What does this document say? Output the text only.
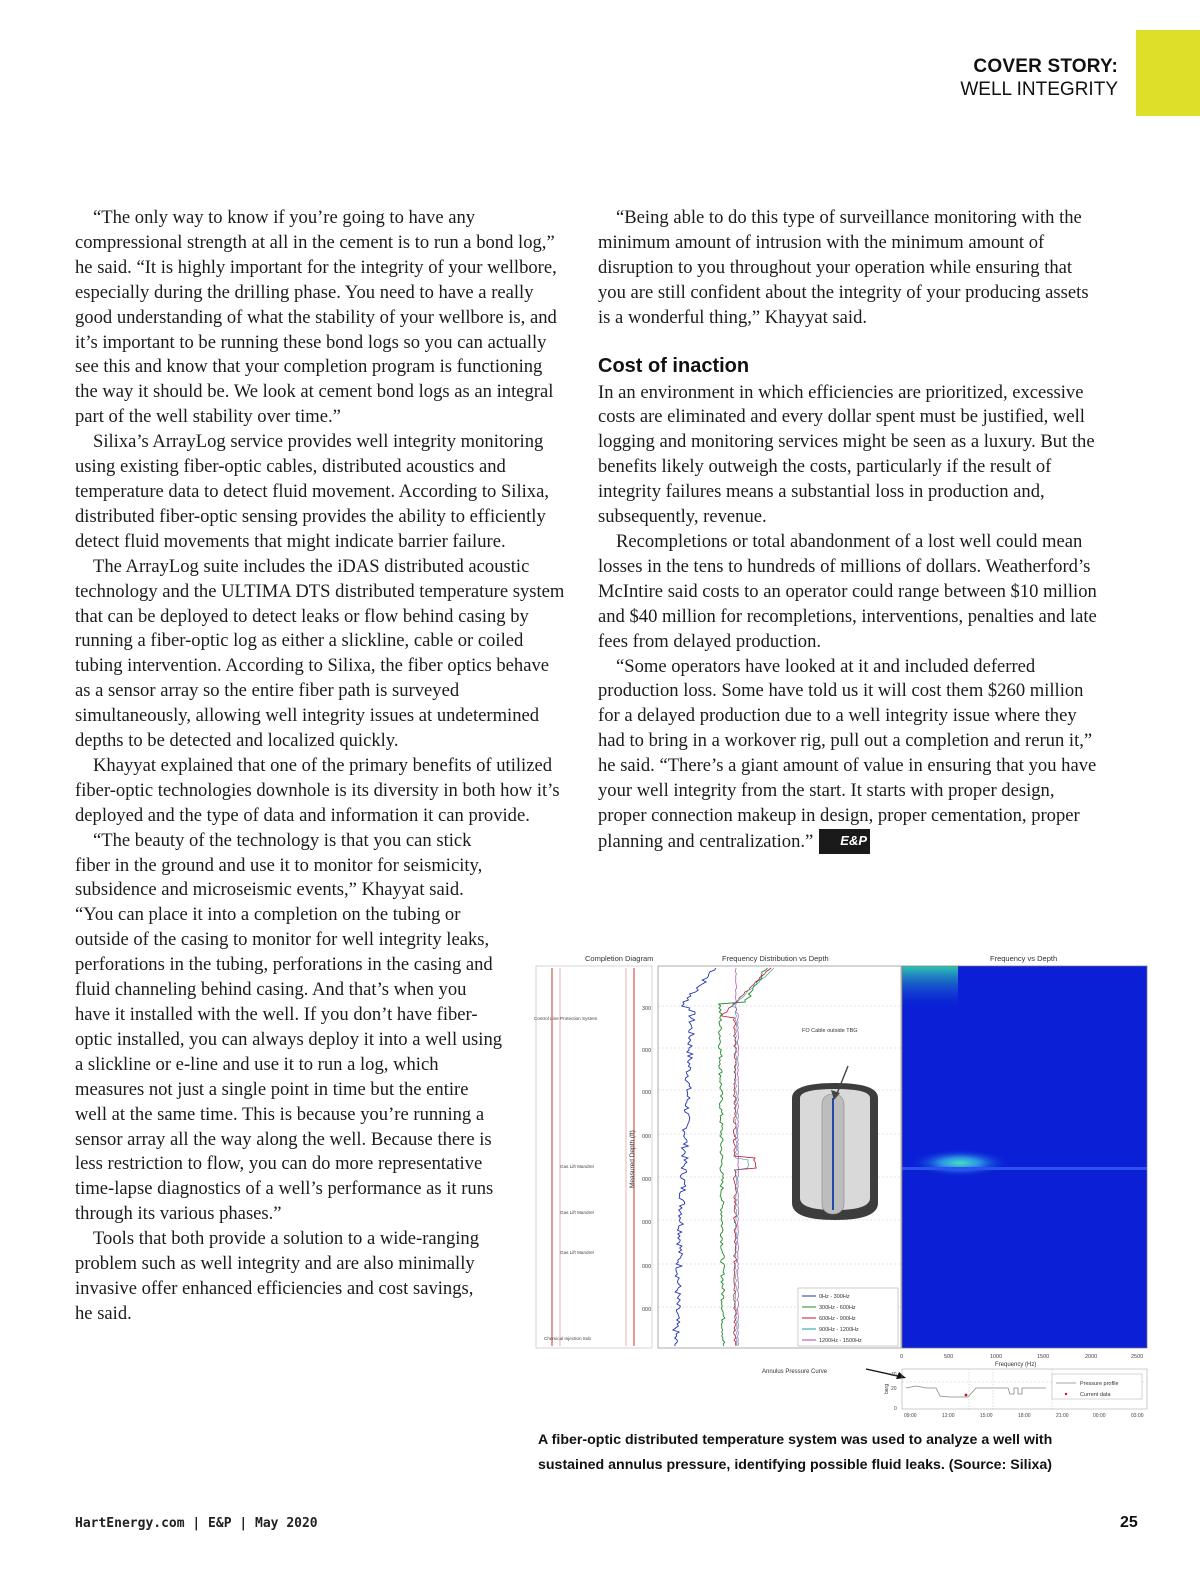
COVER STORY:
WELL INTEGRITY

“The only way to know if you’re going to have any compressional strength at all in the cement is to run a bond log,” he said. “It is highly important for the integrity of your wellbore, especially during the drilling phase. You need to have a really good understanding of what the stability of your wellbore is, and it’s important to be running these bond logs so you can actually see this and know that your completion program is functioning the way it should be. We look at cement bond logs as an integral part of the well stability over time.”

Silixa’s ArrayLog service provides well integrity monitoring using existing fiber-optic cables, distributed acoustics and temperature data to detect fluid movement. According to Silixa, distributed fiber-optic sensing provides the ability to efficiently detect fluid movements that might indicate barrier failure.

The ArrayLog suite includes the iDAS distributed acoustic technology and the ULTIMA DTS distributed temperature system that can be deployed to detect leaks or flow behind casing by running a fiber-optic log as either a slickline, cable or coiled tubing intervention. According to Silixa, the fiber optics behave as a sensor array so the entire fiber path is surveyed simultaneously, allowing well integrity issues at undetermined depths to be detected and localized quickly.

Khayyat explained that one of the primary benefits of utilized fiber-optic technologies downhole is its diversity in both how it’s deployed and the type of data and information it can provide.

“The beauty of the technology is that you can stick fiber in the ground and use it to monitor for seismicity, subsidence and microseismic events,” Khayyat said. “You can place it into a completion on the tubing or outside of the casing to monitor for well integrity leaks, perforations in the tubing, perforations in the casing and fluid channeling behind casing. And that’s when you have it installed with the well. If you don’t have fiber-optic installed, you can always deploy it into a well using a slickline or e-line and use it to run a log, which measures not just a single point in time but the entire well at the same time. This is because you’re running a sensor array all the way along the well. Because there is less restriction to flow, you can do more representative time-lapse diagnostics of a well’s performance as it runs through its various phases.”

Tools that both provide a solution to a wide-ranging problem such as well integrity and are also minimally invasive offer enhanced efficiencies and cost savings, he said.

“Being able to do this type of surveillance monitoring with the minimum amount of intrusion with the minimum amount of disruption to you throughout your operation while ensuring that you are still confident about the integrity of your producing assets is a wonderful thing,” Khayyat said.

Cost of inaction

In an environment in which efficiencies are prioritized, excessive costs are eliminated and every dollar spent must be justified, well logging and monitoring services might be seen as a luxury. But the benefits likely outweigh the costs, particularly if the result of integrity failures means a substantial loss in production and, subsequently, revenue.

Recompletions or total abandonment of a lost well could mean losses in the tens to hundreds of millions of dollars. Weatherford’s McIntire said costs to an operator could range between $10 million and $40 million for recompletions, interventions, penalties and late fees from delayed production.

“Some operators have looked at it and included deferred production loss. Some have told us it will cost them $260 million for a delayed production due to a well integrity issue where they had to bring in a workover rig, pull out a completion and rerun it,” he said. “There’s a giant amount of value in ensuring that you have your well integrity from the start. It starts with proper design, proper connection makeup in design, proper cementation, proper planning and centralization.” E&P

Completion Diagram
Control Line Protection System
Gas Lift Mandrel
Gas Lift Mandrel
Gas Lift Mandrel
Chemical Injection Sub
Frequency Distribution vs Depth
Measured Depth (ft)
300
000
000
000
000
000
000
000
FO Cable outside TBG
0Hz - 300Hz
300Hz - 600Hz
600Hz - 900Hz
900Hz - 1200Hz
1200Hz - 1500Hz
Frequency vs Depth
0	500	1000	1500	2000	2500
Frequency (Hz)
Annulus Pressure Curve
barg
40
20
0
Pressure profile
Current data
09:00	12:00	15:00	18:00	21:00	00:00	03:00
A fiber-optic distributed temperature system was used to analyze a well with sustained annulus pressure, identifying possible fluid leaks. (Source: Silixa)
HartEnergy.com | E&P | May 2020	25
